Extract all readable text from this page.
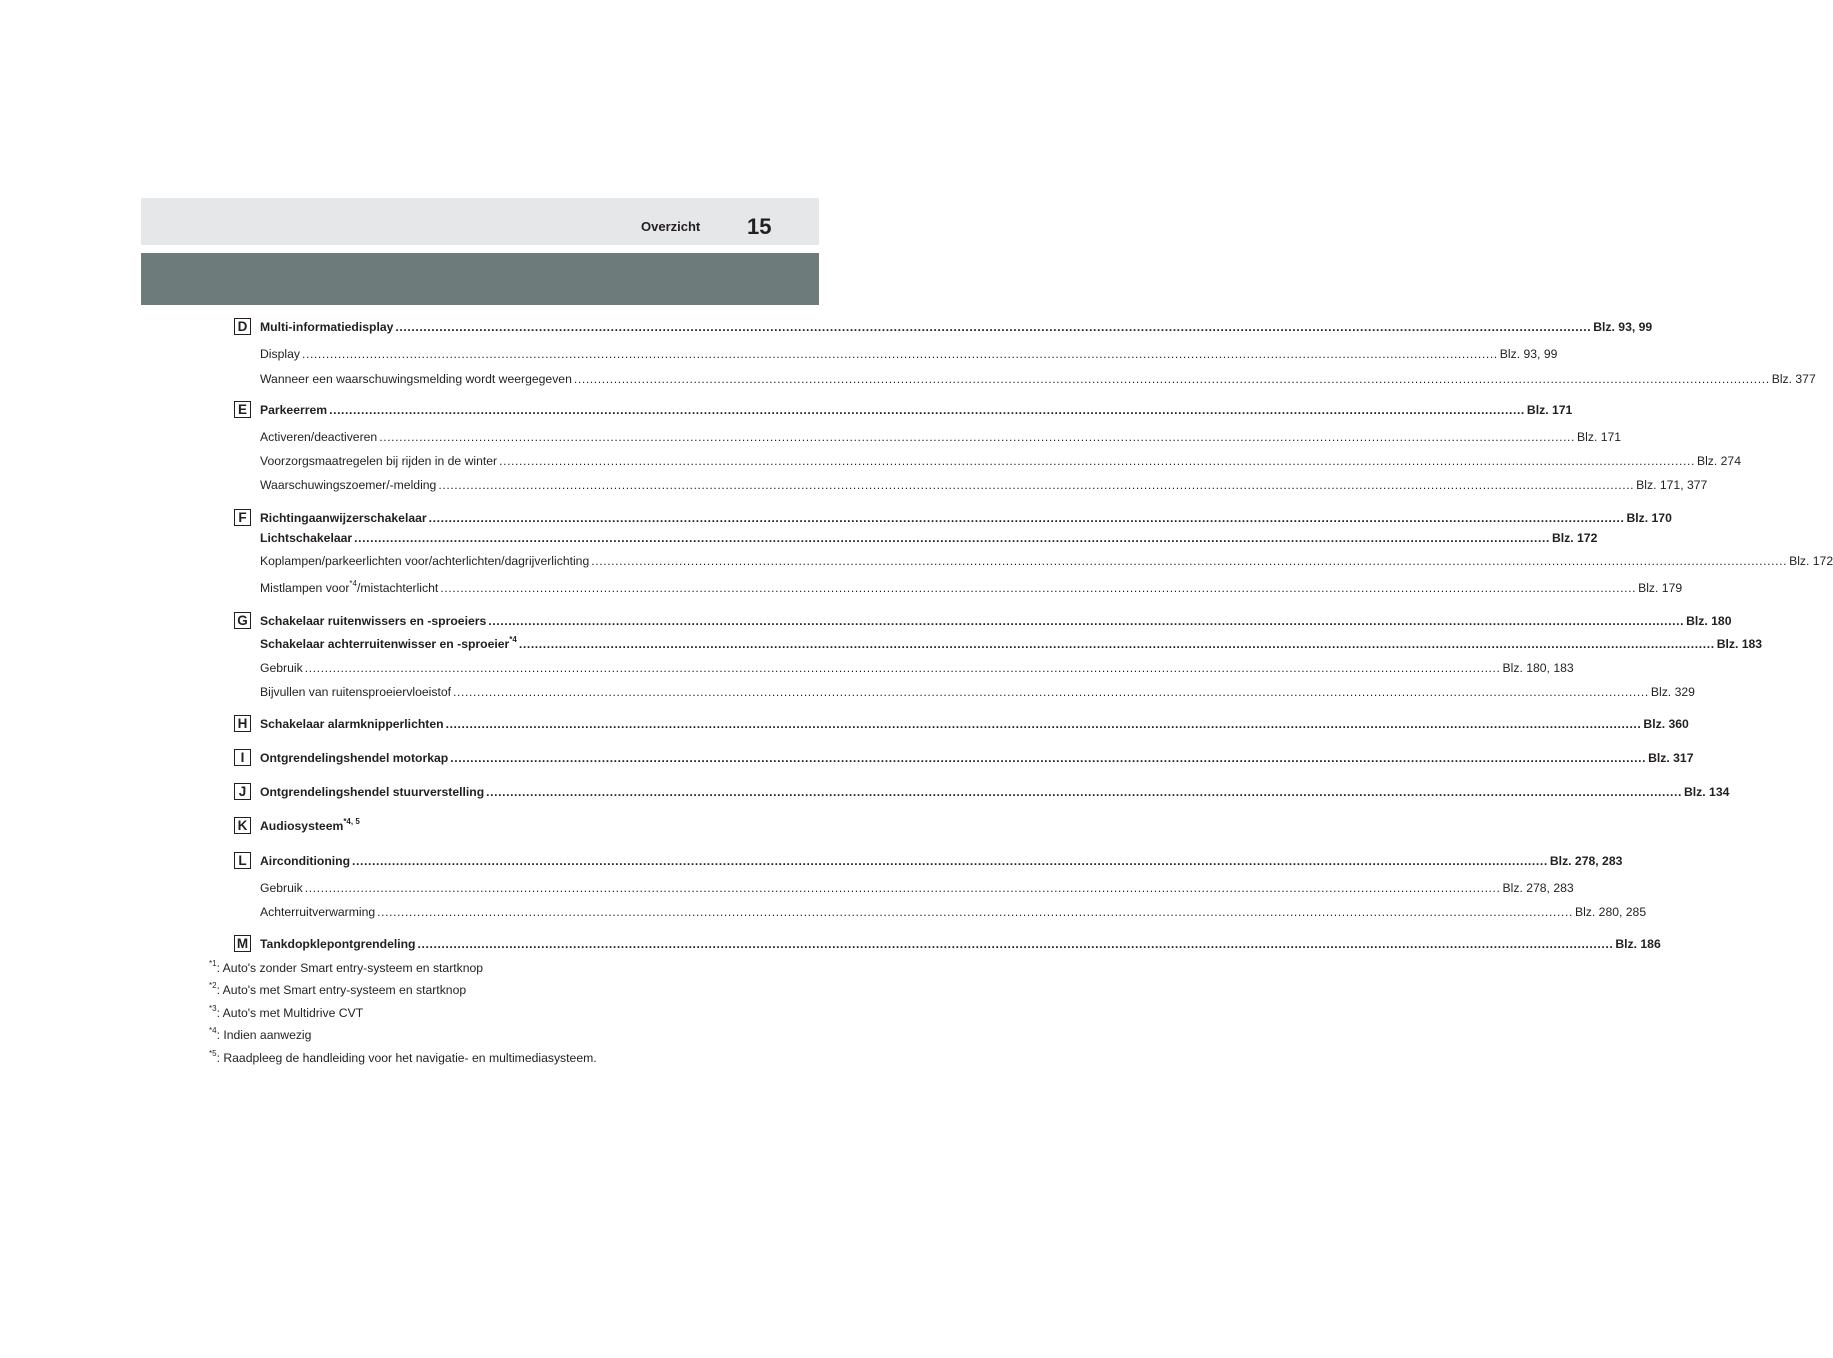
Overzicht 15
D Multi-informatiedisplay ............................................................................................................................................................................................................................................................................................................ Blz. 93, 99
Display ............................................................................................................................................................................................................................................................................................................ Blz. 93, 99
Wanneer een waarschuwingsmelding wordt weergegeven ............................................................................................................................................................................................................................................................................................................ Blz. 377
E	Parkeerrem ............................................................................................................................................................................................................................................................................................................ Blz. 171
Activeren/deactiveren ............................................................................................................................................................................................................................................................................................................ Blz. 171
Voorzorgsmaatregelen bij rijden in de winter ............................................................................................................................................................................................................................................................................................................ Blz. 274
Waarschuwingszoemer/-melding ............................................................................................................................................................................................................................................................................................................ Blz. 171, 377
F	Richtingaanwijzerschakelaar ............................................................................................................................................................................................................................................................................................................ Blz. 170
Lichtschakelaar ............................................................................................................................................................................................................................................................................................................ Blz. 172
Koplampen/parkeerlichten voor/achterlichten/dagrijverlichting ............................................................................................................................................................................................................................................................................................................ Blz. 172
Mistlampen voor$^{*4}$/mistachterlicht ............................................................................................................................................................................................................................................................................................................ Blz. 179
G Schakelaar ruitenwissers en -sproeiers ............................................................................................................................................................................................................................................................................................................ Blz. 180
Schakelaar achterruitenwisser en -sproeier$^{*4}$ ............................................................................................................................................................................................................................................................................................................ Blz. 183
Gebruik ............................................................................................................................................................................................................................................................................................................ Blz. 180, 183
Bijvullen van ruitensproeiervloeistof ............................................................................................................................................................................................................................................................................................................ Blz. 329
H Schakelaar alarmknipperlichten ............................................................................................................................................................................................................................................................................................................ Blz. 360
I	Ontgrendelingshendel motorkap ............................................................................................................................................................................................................................................................................................................ Blz. 317
J	Ontgrendelingshendel stuurverstelling ............................................................................................................................................................................................................................................................................................................ Blz. 134
K Audiosysteem$^{*4, 5}$
L	Airconditioning ............................................................................................................................................................................................................................................................................................................ Blz. 278, 283
Gebruik ............................................................................................................................................................................................................................................................................................................ Blz. 278, 283
Achterruitverwarming ............................................................................................................................................................................................................................................................................................................ Blz. 280, 285
M Tankdopklepontgrendeling ............................................................................................................................................................................................................................................................................................................ Blz. 186
$^{*1}$: Auto's zonder Smart entry-systeem en startknop
$^{*2}$: Auto's met Smart entry-systeem en startknop
$^{*3}$: Auto's met Multidrive CVT
$^{*4}$: Indien aanwezig
$^{*5}$: Raadpleeg de handleiding voor het navigatie- en multimediasysteem.
